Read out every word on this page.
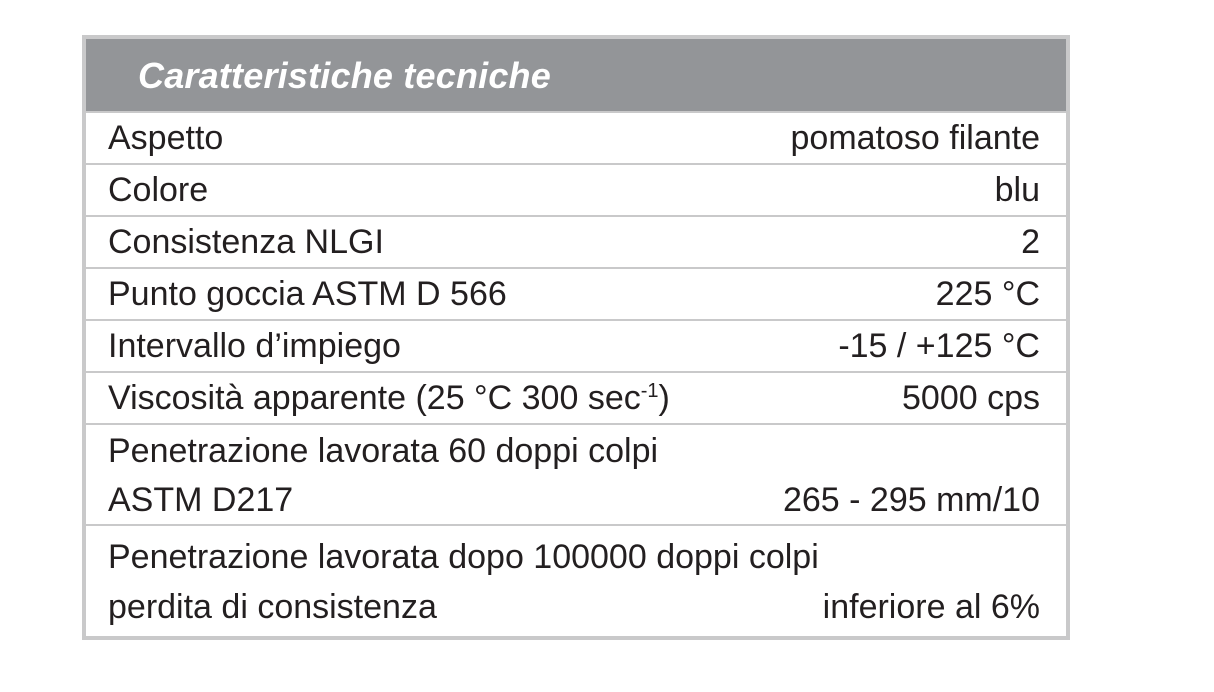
Caratteristiche tecniche
Aspetto	pomatoso filante
Colore	blu
Consistenza NLGI	2
Punto goccia ASTM D 566	225 °C
Intervallo d’impiego	-15 / +125 °C
Viscosità apparente (25 °C 300 $\sec^{-1}$)	5000 cps
Penetrazione lavorata 60 doppi colpi
ASTM D217	265 - 295 mm/10
Penetrazione lavorata dopo 100000 doppi colpi
perdita di consistenza	inferiore al 6%
